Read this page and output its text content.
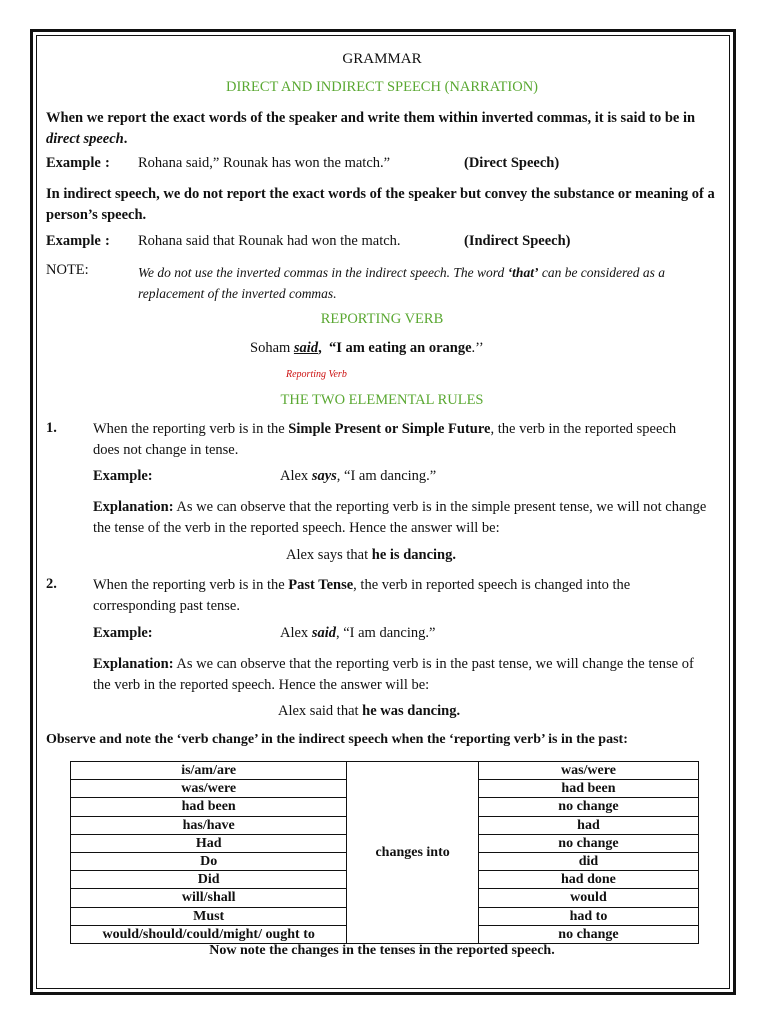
GRAMMAR
DIRECT AND INDIRECT SPEECH (NARRATION)
When we report the exact words of the speaker and write them within inverted commas, it is said to be in direct speech.
Example : Rohana said,” Rounak has won the match.”	(Direct Speech)
In indirect speech, we do not report the exact words of the speaker but convey the substance or meaning of a person’s speech.
Example : Rohana said that Rounak had won the match.	(Indirect Speech)
NOTE:	We do not use the inverted commas in the indirect speech. The word ‘that’ can be considered as a replacement of the inverted commas.
REPORTING VERB
Soham said, “I am eating an orange.’’
Reporting Verb
THE TWO ELEMENTAL RULES
1. When the reporting verb is in the Simple Present or Simple Future, the verb in the reported speech does not change in tense.
Example:	Alex says, “I am dancing.”
Explanation: As we can observe that the reporting verb is in the simple present tense, we will not change the tense of the verb in the reported speech. Hence the answer will be:
Alex says that he is dancing.
2. When the reporting verb is in the Past Tense, the verb in reported speech is changed into the corresponding past tense.
Example:	Alex said, “I am dancing.”
Explanation: As we can observe that the reporting verb is in the past tense, we will change the tense of the verb in the reported speech. Hence the answer will be:
Alex said that he was dancing.
Observe and note the ‘verb change’ in the indirect speech when the ‘reporting verb’ is in the past:
is/am/are	changes into	was/were
was/were		had been
had been		no change
has/have		had
Had		no change
Do		did
Did		had done
will/shall		would
Must		had to
would/should/could/might/ ought to		no change
Now note the changes in the tenses in the reported speech.
